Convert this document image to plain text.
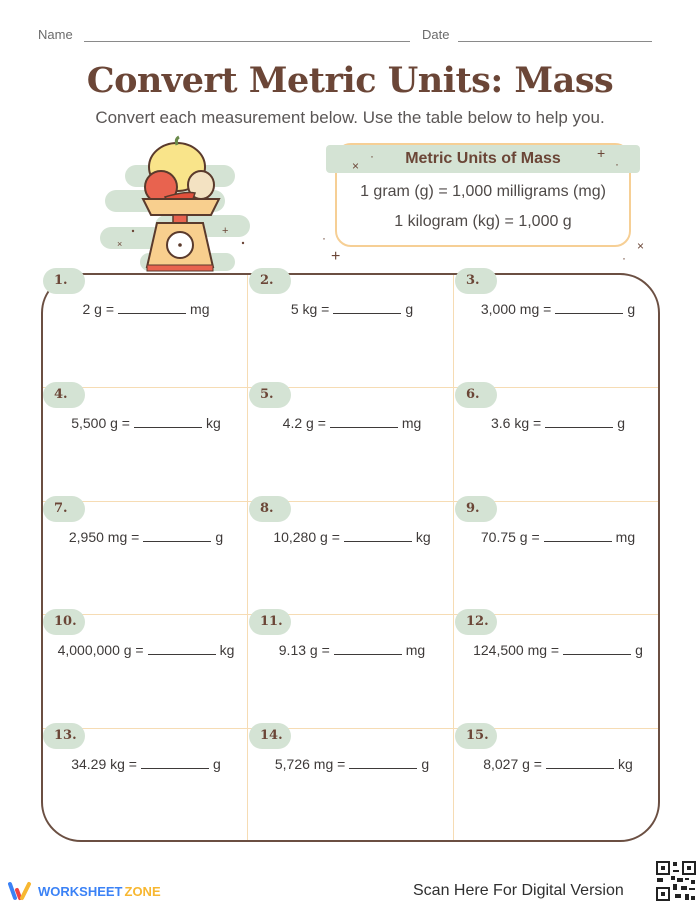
Name	Date
Convert Metric Units: Mass
Convert each measurement below. Use the table below to help you.
×
+
Metric Units of Mass
1 gram (g) = 1,000 milligrams (mg)
1 kilogram (kg) = 1,000 g
×
·	+
·
·
+
×
·
1.
2 g =	mg
2.
5 kg =	g
3.
3,000 mg =	g
4.
5,500 g =	kg
5.
4.2 g =	mg
6.
3.6 kg =	g
7.
2,950 mg =	g
8.
10,280 g =	kg
9.
70.75 g =	mg
10.
4,000,000 g =	kg
11.
9.13 g =	mg
12.
124,500 mg =	g
13.
34.29 kg =	g
14.
5,726 mg =	g
15.
8,027 g =	kg
WORKSHEET ZONE	Scan Here For Digital Version
